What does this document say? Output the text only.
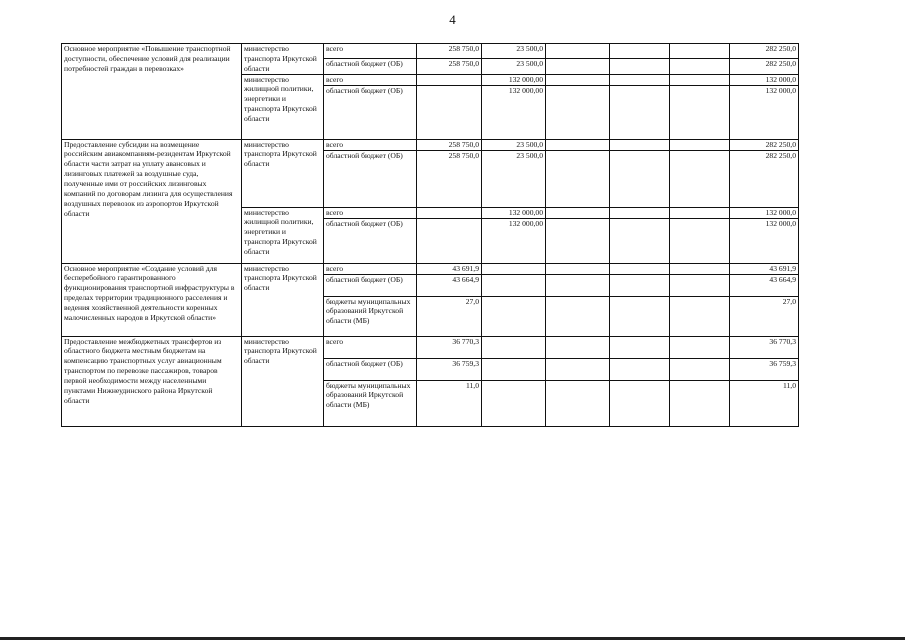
4
Основное мероприятие «Повышение транспортной доступности, обеспечение условий для реализации потребностей граждан в перевозках»	министерство транспорта Иркутской области	всего	258 750,0	23 500,0				282 250,0
		областной бюджет (ОБ)	258 750,0	23 500,0				282 250,0
	министерство жилищной политики, энергетики и транспорта Иркутской области	всего		132 000,00				132 000,0
		областной бюджет (ОБ)		132 000,00				132 000,0
Предоставление субсидии на возмещение российским авиакомпаниям-резидентам Иркутской области части затрат на уплату авансовых и лизинговых платежей за воздушные суда, полученные ими от российских лизинговых компаний по договорам лизинга для осуществления воздушных перевозок из аэропортов Иркутской области	министерство транспорта Иркутской области	всего	258 750,0	23 500,0				282 250,0
		областной бюджет (ОБ)	258 750,0	23 500,0				282 250,0
	министерство жилищной политики, энергетики и транспорта Иркутской области	всего		132 000,00				132 000,0
		областной бюджет (ОБ)		132 000,00				132 000,0
Основное мероприятие «Создание условий для бесперебойного гарантированного функционирования транспортной инфраструктуры в пределах территории традиционного расселения и ведения хозяйственной деятельности коренных малочисленных народов в Иркутской области»	министерство транспорта Иркутской области	всего	43 691,9					43 691,9
		областной бюджет (ОБ)	43 664,9					43 664,9
		бюджеты муниципальных образований Иркутской области (МБ)	27,0					27,0
Предоставление межбюджетных трансфертов из областного бюджета местным бюджетам на компенсацию транспортных услуг авиационным транспортом по перевозке пассажиров, товаров первой необходимости между населенными пунктами Нижнеудинского района Иркутской области	министерство транспорта Иркутской области	всего	36 770,3					36 770,3
		областной бюджет (ОБ)	36 759,3					36 759,3
		бюджеты муниципальных образований Иркутской области (МБ)	11,0					11,0
